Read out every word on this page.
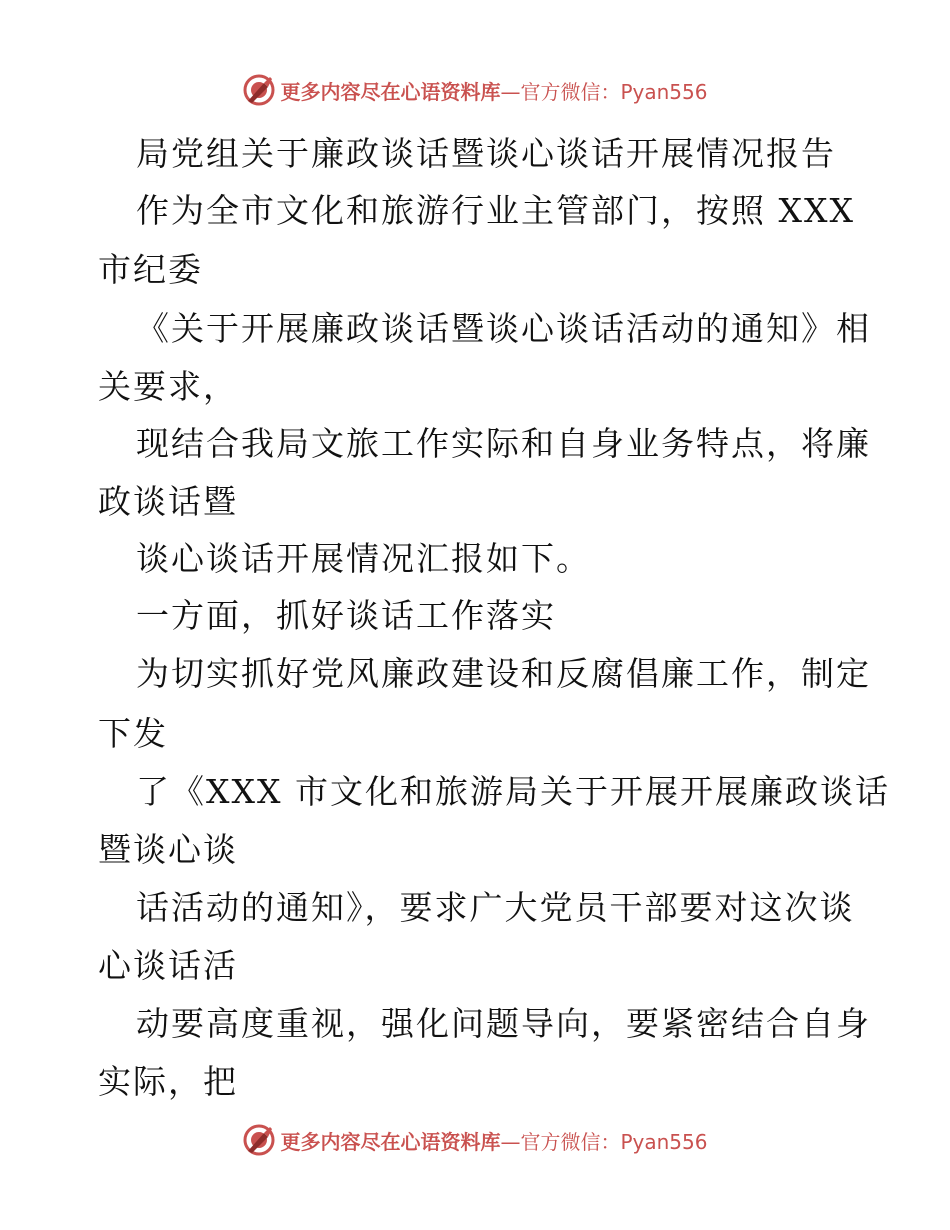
更多内容尽在心语资料库—官方微信：Pyan556
局党组关于廉政谈话暨谈心谈话开展情况报告
作为全市文化和旅游行业主管部门，按照 XXX
市纪委
《关于开展廉政谈话暨谈心谈话活动的通知》相
关要求，
现结合我局文旅工作实际和自身业务特点，将廉
政谈话暨
谈心谈话开展情况汇报如下。
一方面，抓好谈话工作落实
为切实抓好党风廉政建设和反腐倡廉工作，制定
下发
了《XXX 市文化和旅游局关于开展开展廉政谈话
暨谈心谈
话活动的通知》，要求广大党员干部要对这次谈
心谈话活
动要高度重视，强化问题导向，要紧密结合自身
实际，把
更多内容尽在心语资料库—官方微信：Pyan556
